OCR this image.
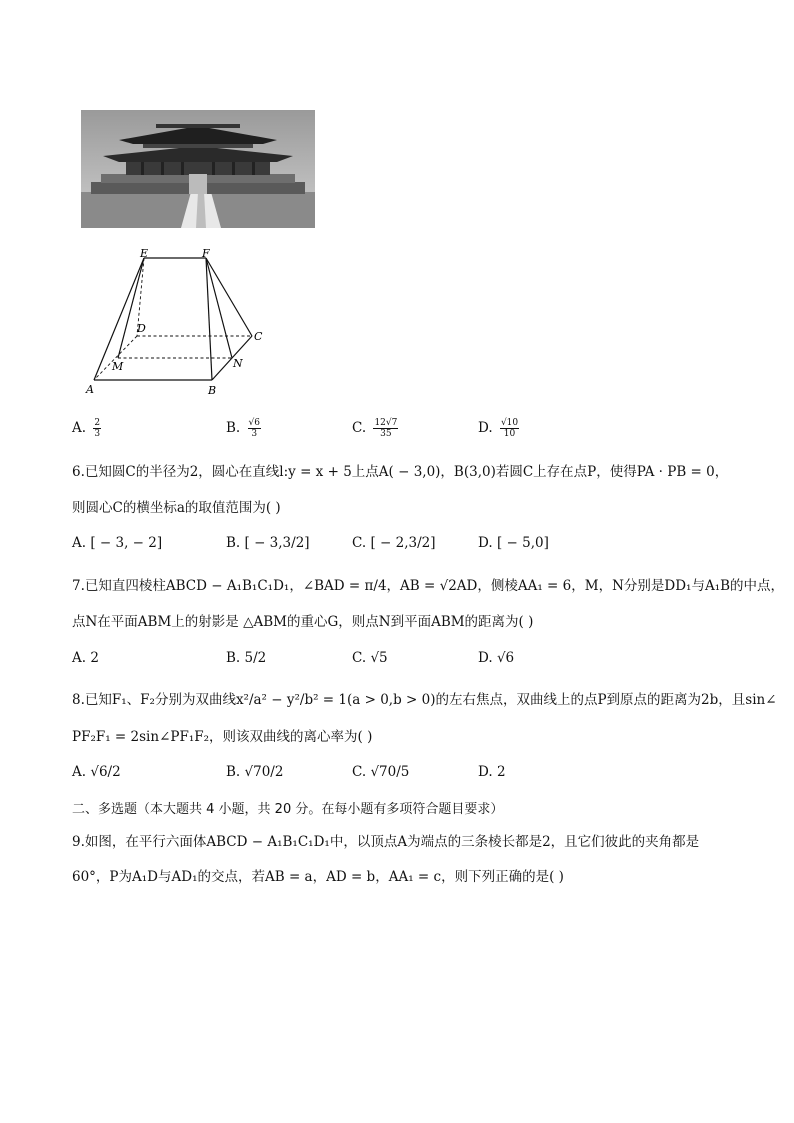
E	F
D
C
M	N
A	B
A. $\frac{2}{3}$	B. $\frac{√6}{3}$	C. $\frac{12√7}{35}$	D. $\frac{√10}{10}$
6.已知圆C的半径为2，圆心在直线l:y = x + 5上点A( − 3,0)，B(3,0)若圆C上存在点P，使得PA · PB = 0，
则圆心C的横坐标a的取值范围为( )
A. [ − 3, − 2]	B. [ − 3,3/2]	C. [ − 2,3/2]	D. [ − 5,0]
7.已知直四棱柱ABCD − A₁B₁C₁D₁，∠BAD = π/4，AB = √2AD，侧棱AA₁ = 6，M，N分别是DD₁与A₁B的中点，
点N在平面ABM上的射影是 △ABM的重心G，则点N到平面ABM的距离为( )
A. 2	B. 5/2	C. √5	D. √6
8.已知F₁、F₂分别为双曲线x²/a² − y²/b² = 1(a > 0,b > 0)的左右焦点，双曲线上的点P到原点的距离为2b，且sin∠
PF₂F₁ = 2sin∠PF₁F₂，则该双曲线的离心率为( )
A. √6/2	B. √70/2	C. √70/5	D. 2
二、多选题（本大题共 4 小题，共 20 分。在每小题有多项符合题目要求）
9.如图，在平行六面体ABCD − A₁B₁C₁D₁中，以顶点A为端点的三条棱长都是2，且它们彼此的夹角都是
60°，P为A₁D与AD₁的交点，若AB = a，AD = b，AA₁ = c，则下列正确的是( )
